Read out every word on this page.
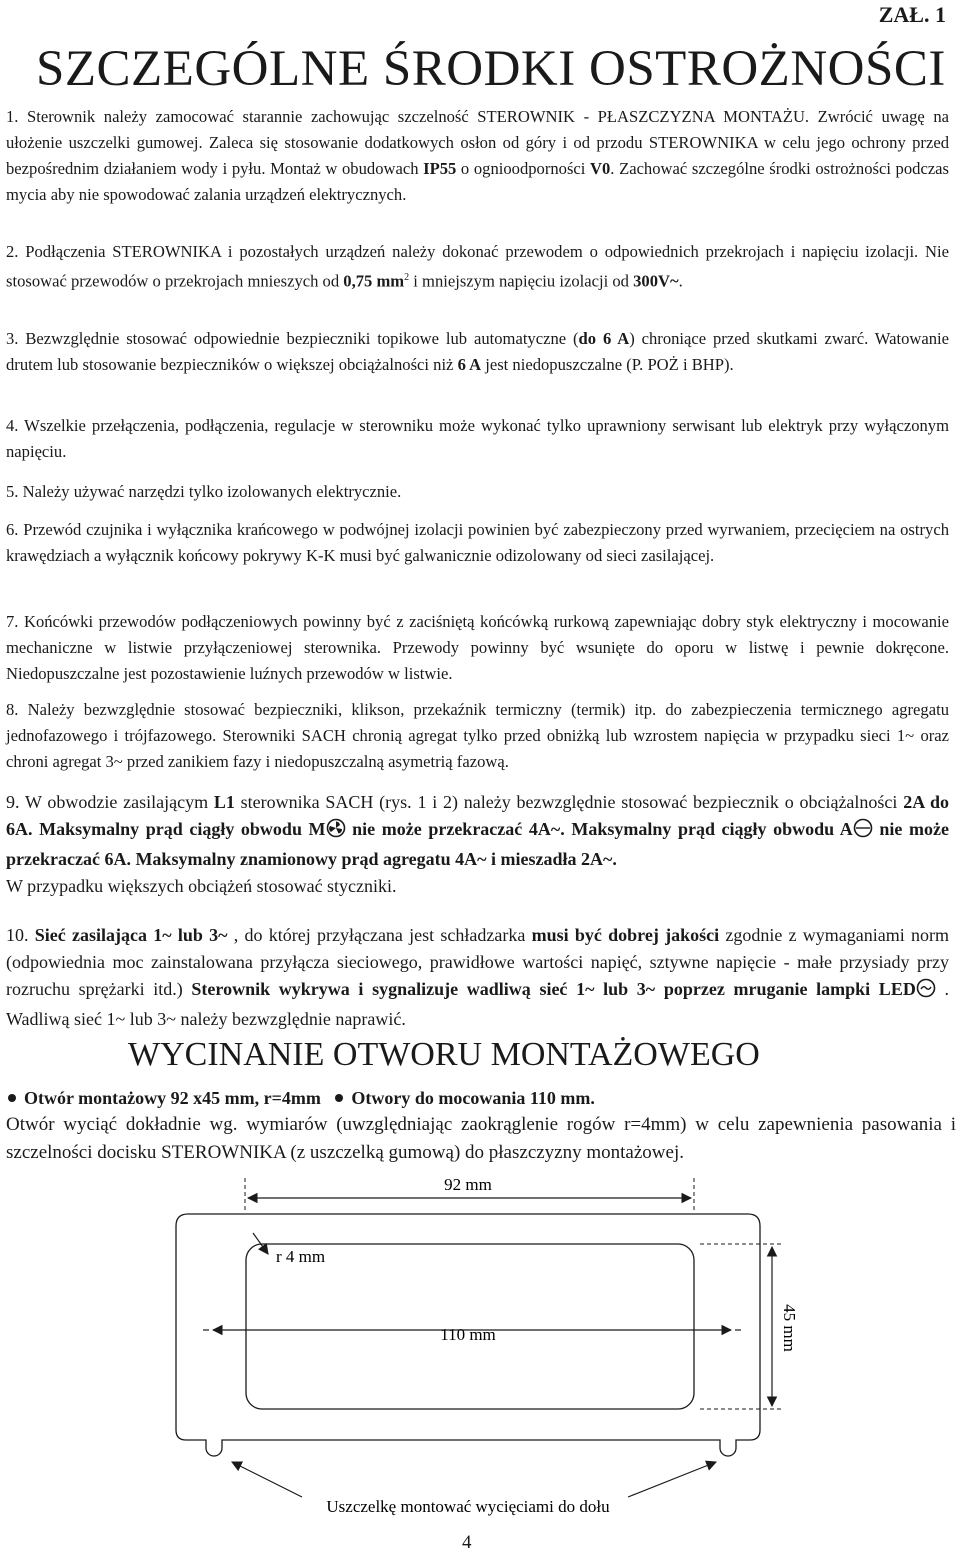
ZAŁ. 1
SZCZEGÓLNE ŚRODKI OSTROŻNOŚCI
1. Sterownik należy zamocować starannie zachowując szczelność STEROWNIK - PŁASZCZYZNA MONTAŻU. Zwrócić uwagę na ułożenie uszczelki gumowej. Zaleca się stosowanie dodatkowych osłon od góry i od przodu STEROWNIKA w celu jego ochrony przed bezpośrednim działaniem wody i pyłu. Montaż w obudowach IP55 o ognioodporności V0. Zachować szczególne środki ostrożności podczas mycia aby nie spowodować zalania urządzeń elektrycznych.
2. Podłączenia STEROWNIKA i pozostałych urządzeń należy dokonać przewodem o odpowiednich przekrojach i napięciu izolacji. Nie stosować przewodów o przekrojach mnieszych od 0,75 $mm^2$ i mniejszym napięciu izolacji od 300V~.
3. Bezwzględnie stosować odpowiednie bezpieczniki topikowe lub automatyczne (do 6 A) chroniące przed skutkami zwarć. Watowanie drutem lub stosowanie bezpieczników o większej obciążalności niż 6 A jest niedopuszczalne (P. POŻ i BHP).
4. Wszelkie przełączenia, podłączenia, regulacje w sterowniku może wykonać tylko uprawniony serwisant lub elektryk przy wyłączonym napięciu.
5. Należy używać narzędzi tylko izolowanych elektrycznie.
6. Przewód czujnika i wyłącznika krańcowego w podwójnej izolacji powinien być zabezpieczony przed wyrwaniem, przecięciem na ostrych krawędziach a wyłącznik końcowy pokrywy K-K musi być galwanicznie odizolowany od sieci zasilającej.
7. Końcówki przewodów podłączeniowych powinny być z zaciśniętą końcówką rurkową zapewniając dobry styk elektryczny i mocowanie mechaniczne w listwie przyłączeniowej sterownika. Przewody powinny być wsunięte do oporu w listwę i pewnie dokręcone. Niedopuszczalne jest pozostawienie luźnych przewodów w listwie.
8. Należy bezwzględnie stosować bezpieczniki, klikson, przekaźnik termiczny (termik) itp. do zabezpieczenia termicznego agregatu jednofazowego i trójfazowego. Sterowniki SACH chronią agregat tylko przed obniżką lub wzrostem napięcia w przypadku sieci 1~ oraz chroni agregat 3~ przed zanikiem fazy i niedopuszczalną asymetrią fazową.
9. W obwodzie zasilającym L1 sterownika SACH (rys. 1 i 2) należy bezwzględnie stosować bezpiecznik o obciążalności 2A do 6A. Maksymalny prąd ciągły obwodu M nie może przekraczać 4A~. Maksymalny prąd ciągły obwodu A nie może przekraczać 6A. Maksymalny znamionowy prąd agregatu 4A~ i mieszadła 2A~.
W przypadku większych obciążeń stosować styczniki.
10. Sieć zasilająca 1~ lub 3~ , do której przyłączana jest schładzarka musi być dobrej jakości zgodnie z wymaganiami norm (odpowiednia moc zainstalowana przyłącza sieciowego, prawidłowe wartości napięć, sztywne napięcie - małe przysiady przy rozruchu sprężarki itd.) Sterownik wykrywa i sygnalizuje wadliwą sieć 1~ lub 3~ poprzez mruganie lampki LED . Wadliwą sieć 1~ lub 3~ należy bezwzględnie naprawić.
WYCINANIE OTWORU MONTAŻOWEGO
Otwór montażowy 92 x45 mm, r=4mm Otwory do mocowania 110 mm.
Otwór wyciąć dokładnie wg. wymiarów (uwzględniając zaokrąglenie rogów r=4mm) w celu zapewnienia pasowania i szczelności docisku STEROWNIKA (z uszczelką gumową) do płaszczyzny montażowej.
92 mm
r 4 mm
110 mm	45 mm
Uszczelkę montować wycięciami do dołu
4
